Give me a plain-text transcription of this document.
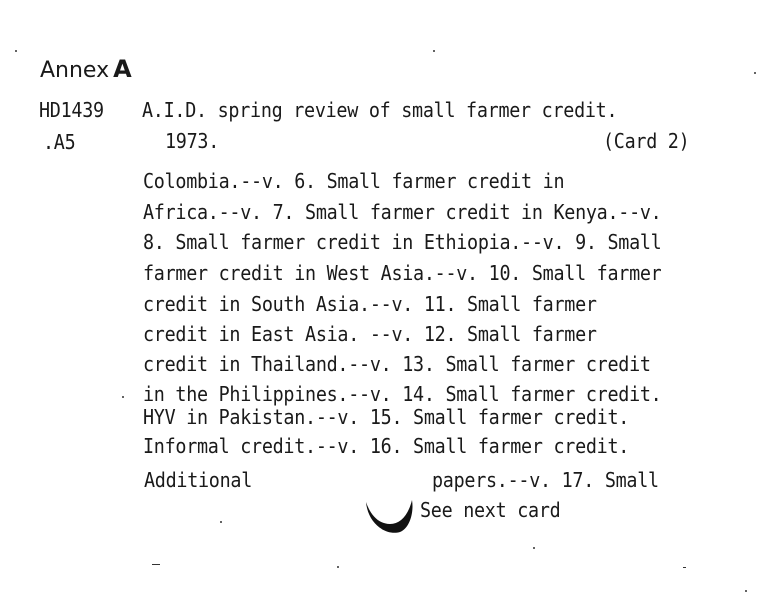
Annex A
HD1439
.A5
A.I.D. spring review of small farmer credit.
1973.	(Card 2)
Colombia.--v. 6. Small farmer credit in
Africa.--v. 7. Small farmer credit in Kenya.--v.
8. Small farmer credit in Ethiopia.--v. 9. Small
farmer credit in West Asia.--v. 10. Small farmer
credit in South Asia.--v. 11. Small farmer
credit in East Asia. --v. 12. Small farmer
credit in Thailand.--v. 13. Small farmer credit
in the Philippines.--v. 14. Small farmer credit.
HYV in Pakistan.--v. 15. Small farmer credit.
Informal credit.--v. 16. Small farmer credit.
Additional	papers.--v. 17. Small
See next card
